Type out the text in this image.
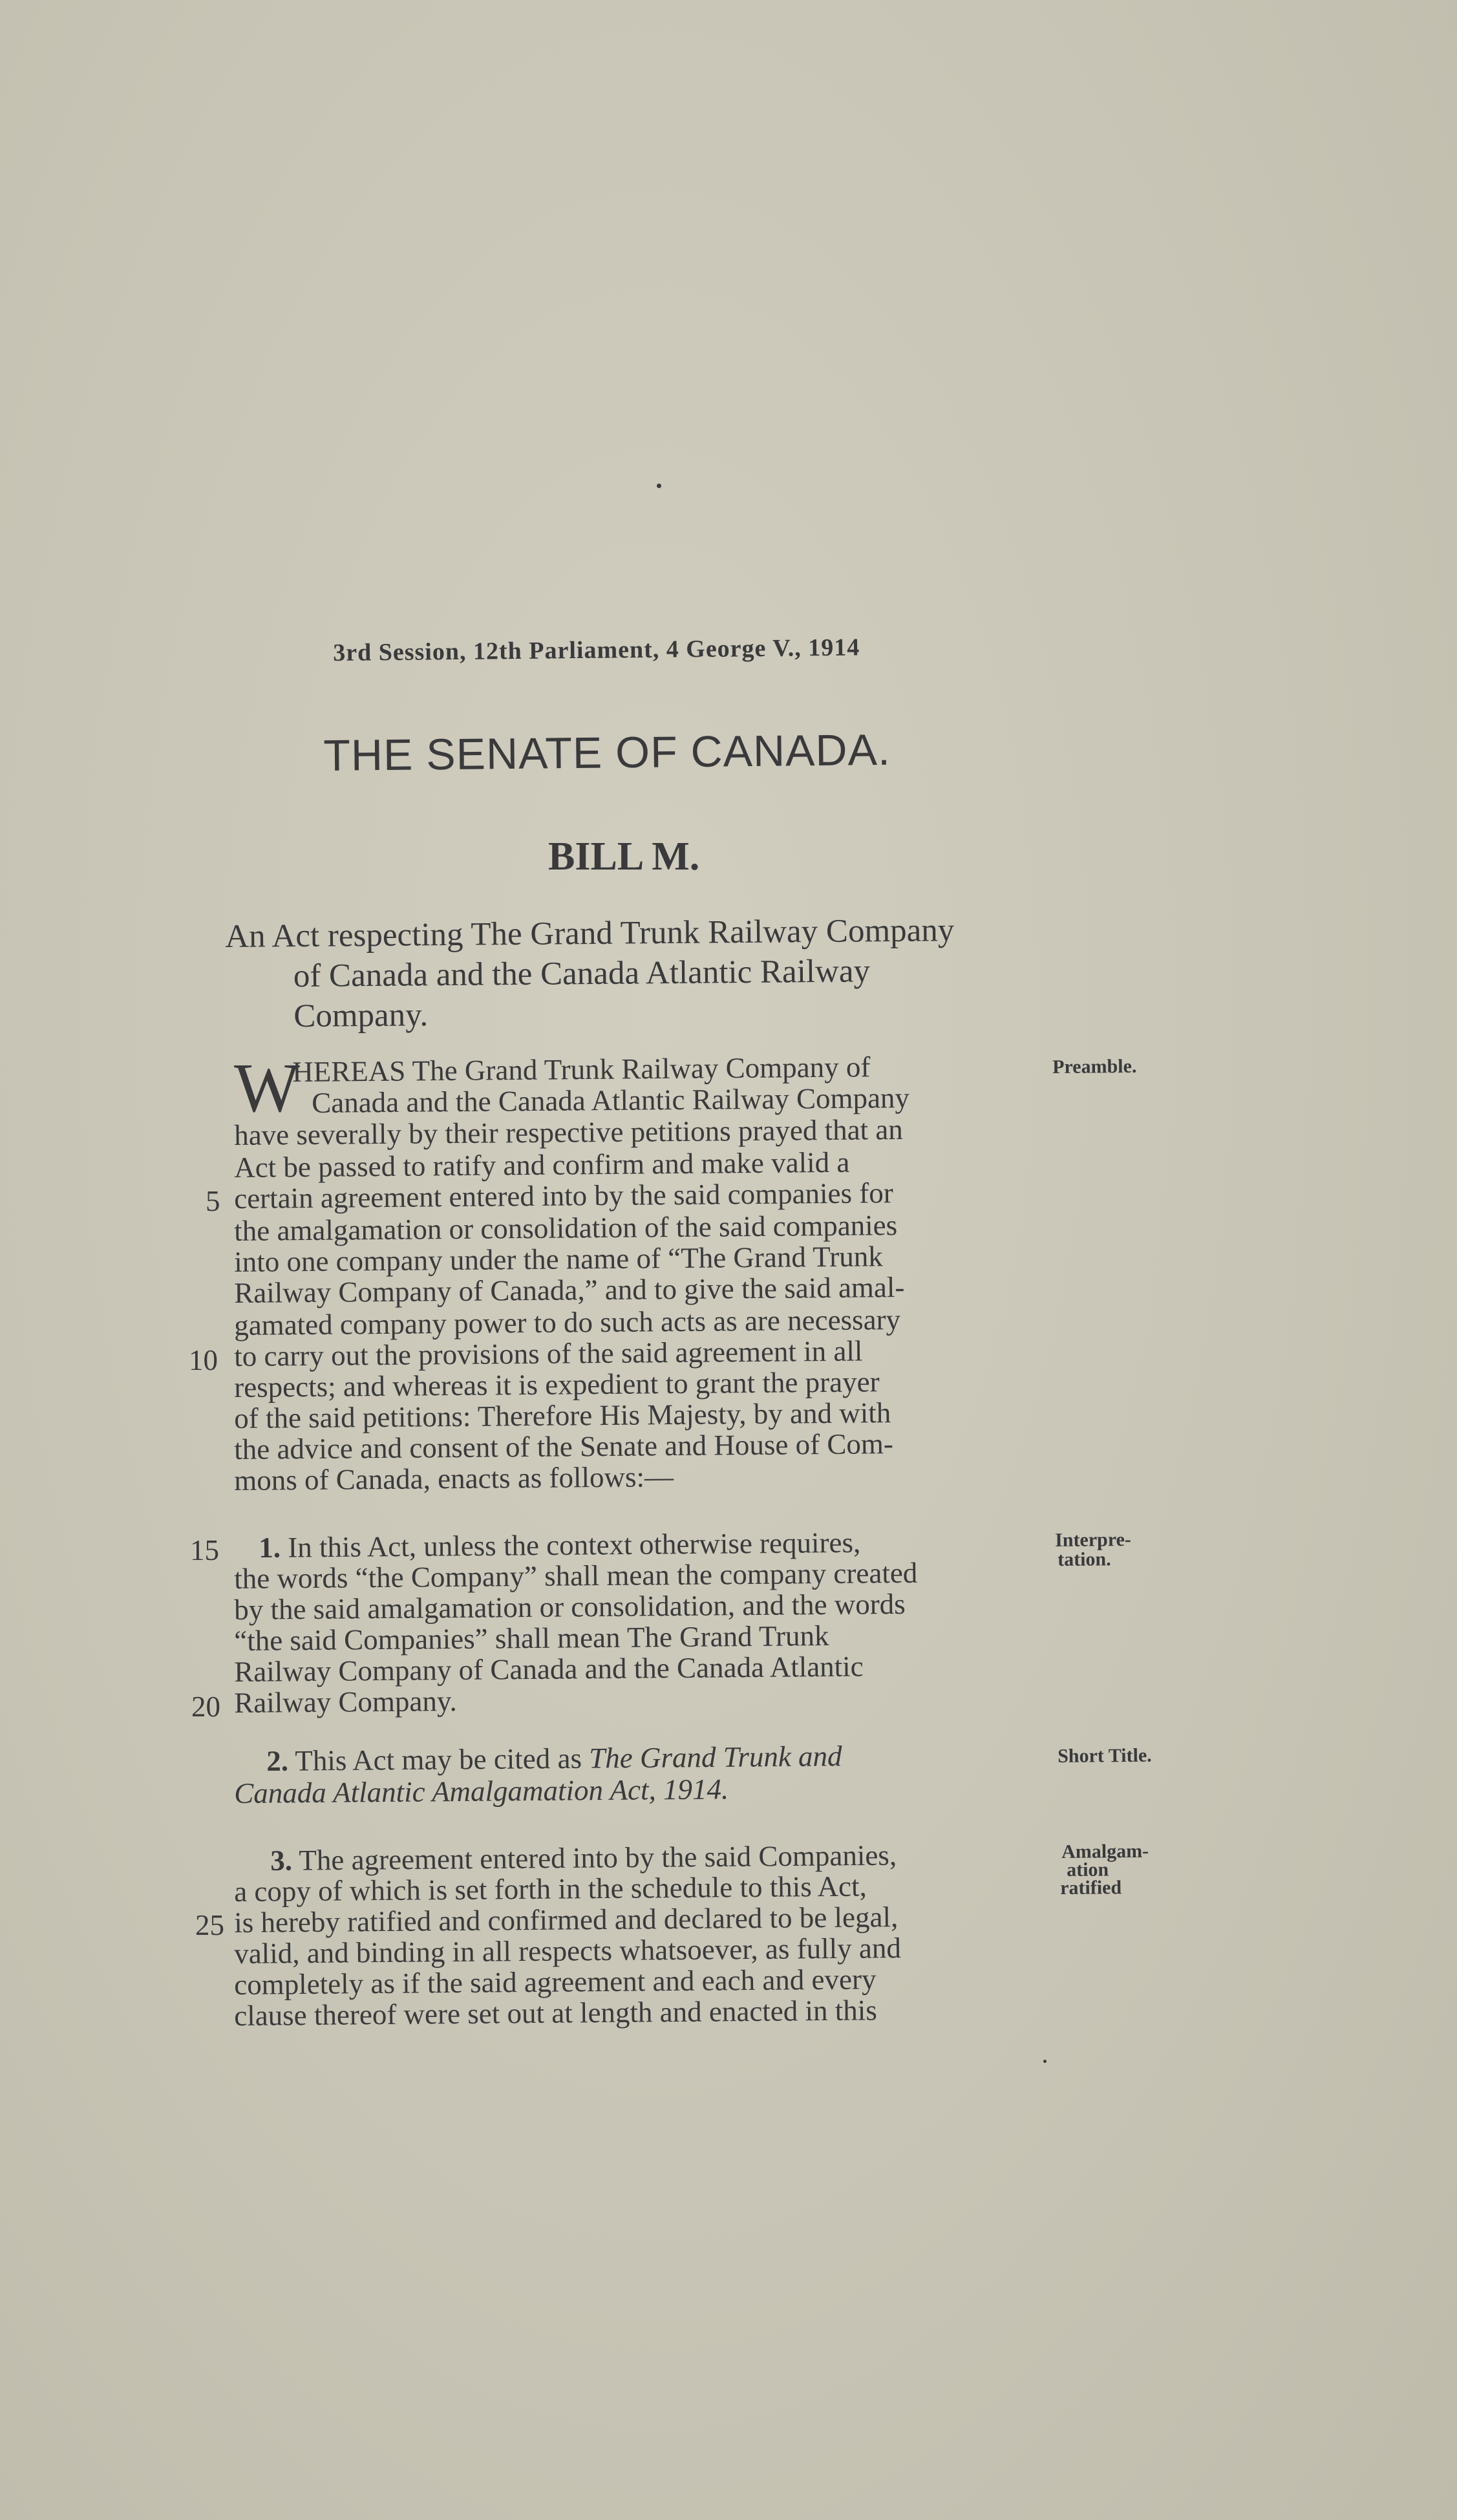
3rd Session, 12th Parliament, 4 George V., 1914
THE SENATE OF CANADA.
BILL M.
An Act respecting The Grand Trunk Railway Company
of Canada and the Canada Atlantic Railway
Company.
W
HEREAS The Grand Trunk Railway Company of
Canada and the Canada Atlantic Railway Company
have severally by their respective petitions prayed that an
Act be passed to ratify and confirm and make valid a
certain agreement entered into by the said companies for
the amalgamation or consolidation of the said companies
into one company under the name of “The Grand Trunk
Railway Company of Canada,” and to give the said amal-
gamated company power to do such acts as are necessary
to carry out the provisions of the said agreement in all
respects; and whereas it is expedient to grant the prayer
of the said petitions: Therefore His Majesty, by and with
the advice and consent of the Senate and House of Com-
mons of Canada, enacts as follows:—
Preamble.
1. In this Act, unless the context otherwise requires,
the words “the Company” shall mean the company created
by the said amalgamation or consolidation, and the words
“the said Companies” shall mean The Grand Trunk
Railway Company of Canada and the Canada Atlantic
Railway Company.
Interpre-
tation.
2. This Act may be cited as The Grand Trunk and
Canada Atlantic Amalgamation Act, 1914.
Short Title.
3. The agreement entered into by the said Companies,
a copy of which is set forth in the schedule to this Act,
is hereby ratified and confirmed and declared to be legal,
valid, and binding in all respects whatsoever, as fully and
completely as if the said agreement and each and every
clause thereof were set out at length and enacted in this
Amalgam-
ation
ratified
5
10
15
20
25
